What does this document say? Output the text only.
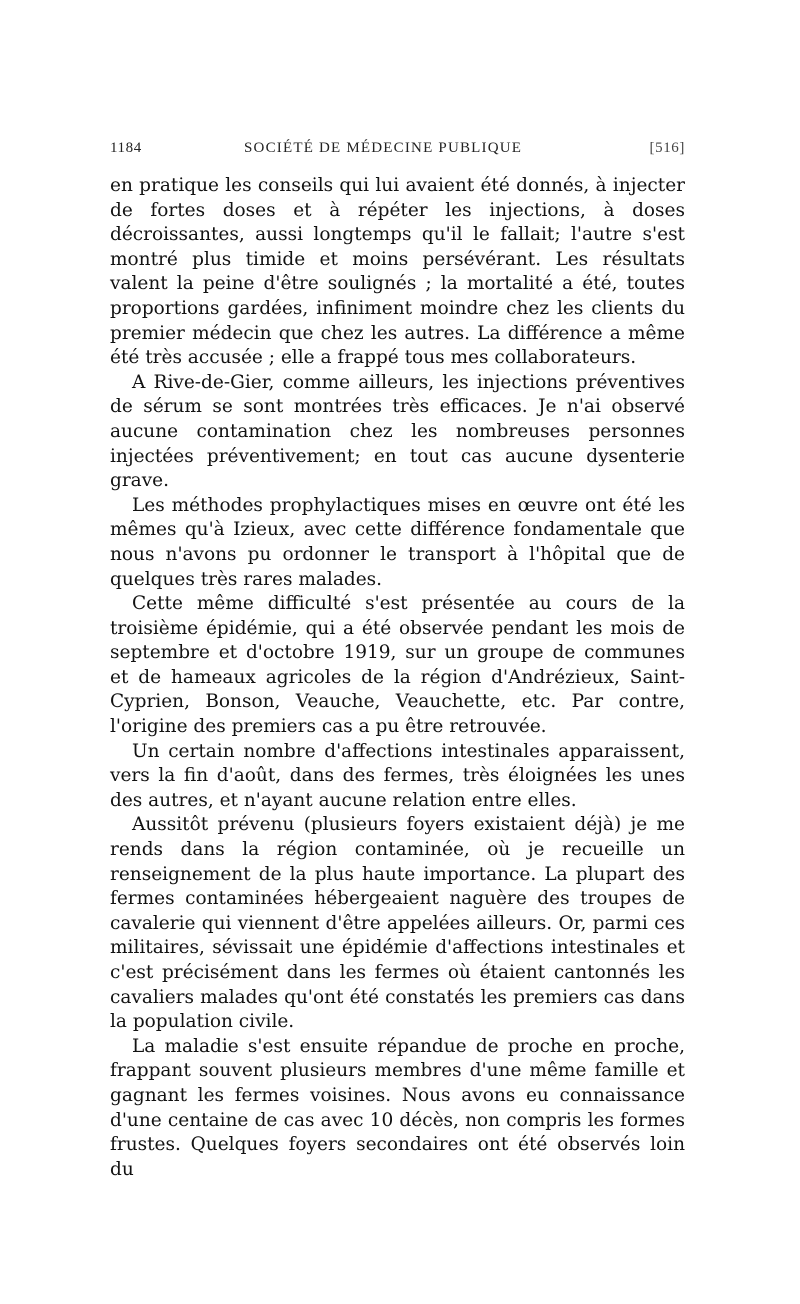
1184	SOCIÉTÉ DE MÉDECINE PUBLIQUE	[516]

en pratique les conseils qui lui avaient été donnés, à injecter de fortes doses et à répéter les injections, à doses décroissantes, aussi longtemps qu'il le fallait; l'autre s'est montré plus timide et moins persévérant. Les résultats valent la peine d'être soulignés ; la mortalité a été, toutes proportions gardées, infiniment moindre chez les clients du premier médecin que chez les autres. La différence a même été très accusée ; elle a frappé tous mes collaborateurs.

A Rive-de-Gier, comme ailleurs, les injections préventives de sérum se sont montrées très efficaces. Je n'ai observé aucune contamination chez les nombreuses personnes injectées préventivement; en tout cas aucune dysenterie grave.

Les méthodes prophylactiques mises en œuvre ont été les mêmes qu'à Izieux, avec cette différence fondamentale que nous n'avons pu ordonner le transport à l'hôpital que de quelques très rares malades.

Cette même difficulté s'est présentée au cours de la troisième épidémie, qui a été observée pendant les mois de septembre et d'octobre 1919, sur un groupe de communes et de hameaux agricoles de la région d'Andrézieux, Saint-Cyprien, Bonson, Veauche, Veauchette, etc. Par contre, l'origine des premiers cas a pu être retrouvée.

Un certain nombre d'affections intestinales apparaissent, vers la fin d'août, dans des fermes, très éloignées les unes des autres, et n'ayant aucune relation entre elles.

Aussitôt prévenu (plusieurs foyers existaient déjà) je me rends dans la région contaminée, où je recueille un renseignement de la plus haute importance. La plupart des fermes contaminées hébergeaient naguère des troupes de cavalerie qui viennent d'être appelées ailleurs. Or, parmi ces militaires, sévissait une épidémie d'affections intestinales et c'est précisément dans les fermes où étaient cantonnés les cavaliers malades qu'ont été constatés les premiers cas dans la population civile.

La maladie s'est ensuite répandue de proche en proche, frappant souvent plusieurs membres d'une même famille et gagnant les fermes voisines. Nous avons eu connaissance d'une centaine de cas avec 10 décès, non compris les formes frustes. Quelques foyers secondaires ont été observés loin du
